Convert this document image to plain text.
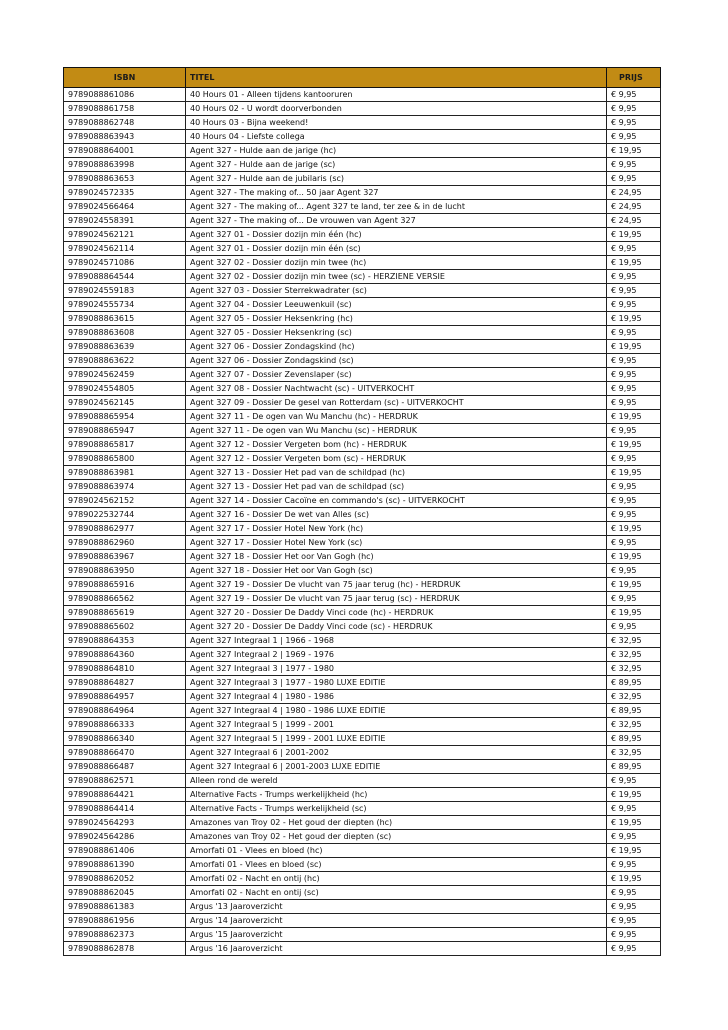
ISBN	TITEL	PRIJS
9789088861086	40 Hours 01 - Alleen tijdens kantooruren	€ 9,95
9789088861758	40 Hours 02 - U wordt doorverbonden	€ 9,95
9789088862748	40 Hours 03 - Bijna weekend!	€ 9,95
9789088863943	40 Hours 04 - Liefste collega	€ 9,95
9789088864001	Agent 327 - Hulde aan de jarige (hc)	€ 19,95
9789088863998	Agent 327 - Hulde aan de jarige (sc)	€ 9,95
9789088863653	Agent 327 - Hulde aan de jubilaris (sc)	€ 9,95
9789024572335	Agent 327 - The making of... 50 jaar Agent 327	€ 24,95
9789024566464	Agent 327 - The making of... Agent 327 te land, ter zee & in de lucht	€ 24,95
9789024558391	Agent 327 - The making of... De vrouwen van Agent 327	€ 24,95
9789024562121	Agent 327 01 - Dossier dozijn min één (hc)	€ 19,95
9789024562114	Agent 327 01 - Dossier dozijn min één (sc)	€ 9,95
9789024571086	Agent 327 02 - Dossier dozijn min twee (hc)	€ 19,95
9789088864544	Agent 327 02 - Dossier dozijn min twee (sc) - HERZIENE VERSIE	€ 9,95
9789024559183	Agent 327 03 - Dossier Sterrekwadrater (sc)	€ 9,95
9789024555734	Agent 327 04 - Dossier Leeuwenkuil (sc)	€ 9,95
9789088863615	Agent 327 05 - Dossier Heksenkring (hc)	€ 19,95
9789088863608	Agent 327 05 - Dossier Heksenkring (sc)	€ 9,95
9789088863639	Agent 327 06 - Dossier Zondagskind (hc)	€ 19,95
9789088863622	Agent 327 06 - Dossier Zondagskind (sc)	€ 9,95
9789024562459	Agent 327 07 - Dossier Zevenslaper (sc)	€ 9,95
9789024554805	Agent 327 08 - Dossier Nachtwacht (sc) - UITVERKOCHT	€ 9,95
9789024562145	Agent 327 09 - Dossier De gesel van Rotterdam (sc) - UITVERKOCHT	€ 9,95
9789088865954	Agent 327 11 - De ogen van Wu Manchu (hc) - HERDRUK	€ 19,95
9789088865947	Agent 327 11 - De ogen van Wu Manchu (sc) - HERDRUK	€ 9,95
9789088865817	Agent 327 12 - Dossier Vergeten bom (hc) - HERDRUK	€ 19,95
9789088865800	Agent 327 12 - Dossier Vergeten bom (sc) - HERDRUK	€ 9,95
9789088863981	Agent 327 13 - Dossier Het pad van de schildpad (hc)	€ 19,95
9789088863974	Agent 327 13 - Dossier Het pad van de schildpad (sc)	€ 9,95
9789024562152	Agent 327 14 - Dossier Cacoïne en commando's (sc) - UITVERKOCHT	€ 9,95
9789022532744	Agent 327 16 - Dossier De wet van Alles (sc)	€ 9,95
9789088862977	Agent 327 17 - Dossier Hotel New York (hc)	€ 19,95
9789088862960	Agent 327 17 - Dossier Hotel New York (sc)	€ 9,95
9789088863967	Agent 327 18 - Dossier Het oor Van Gogh (hc)	€ 19,95
9789088863950	Agent 327 18 - Dossier Het oor Van Gogh (sc)	€ 9,95
9789088865916	Agent 327 19 - Dossier De vlucht van 75 jaar terug (hc) - HERDRUK	€ 19,95
9789088866562	Agent 327 19 - Dossier De vlucht van 75 jaar terug (sc) - HERDRUK	€ 9,95
9789088865619	Agent 327 20 - Dossier De Daddy Vinci code (hc) - HERDRUK	€ 19,95
9789088865602	Agent 327 20 - Dossier De Daddy Vinci code (sc) - HERDRUK	€ 9,95
9789088864353	Agent 327 Integraal 1 | 1966 - 1968	€ 32,95
9789088864360	Agent 327 Integraal 2 | 1969 - 1976	€ 32,95
9789088864810	Agent 327 Integraal 3 | 1977 - 1980	€ 32,95
9789088864827	Agent 327 Integraal 3 | 1977 - 1980 LUXE EDITIE	€ 89,95
9789088864957	Agent 327 Integraal 4 | 1980 - 1986	€ 32,95
9789088864964	Agent 327 Integraal 4 | 1980 - 1986 LUXE EDITIE	€ 89,95
9789088866333	Agent 327 Integraal 5 | 1999 - 2001	€ 32,95
9789088866340	Agent 327 Integraal 5 | 1999 - 2001 LUXE EDITIE	€ 89,95
9789088866470	Agent 327 Integraal 6 | 2001-2002	€ 32,95
9789088866487	Agent 327 Integraal 6 | 2001-2003 LUXE EDITIE	€ 89,95
9789088862571	Alleen rond de wereld	€ 9,95
9789088864421	Alternative Facts - Trumps werkelijkheid (hc)	€ 19,95
9789088864414	Alternative Facts - Trumps werkelijkheid (sc)	€ 9,95
9789024564293	Amazones van Troy 02 - Het goud der diepten (hc)	€ 19,95
9789024564286	Amazones van Troy 02 - Het goud der diepten (sc)	€ 9,95
9789088861406	Amorfati 01 - Vlees en bloed (hc)	€ 19,95
9789088861390	Amorfati 01 - Vlees en bloed (sc)	€ 9,95
9789088862052	Amorfati 02 - Nacht en ontij (hc)	€ 19,95
9789088862045	Amorfati 02 - Nacht en ontij (sc)	€ 9,95
9789088861383	Argus '13 Jaaroverzicht	€ 9,95
9789088861956	Argus '14 Jaaroverzicht	€ 9,95
9789088862373	Argus '15 Jaaroverzicht	€ 9,95
9789088862878	Argus '16 Jaaroverzicht	€ 9,95
